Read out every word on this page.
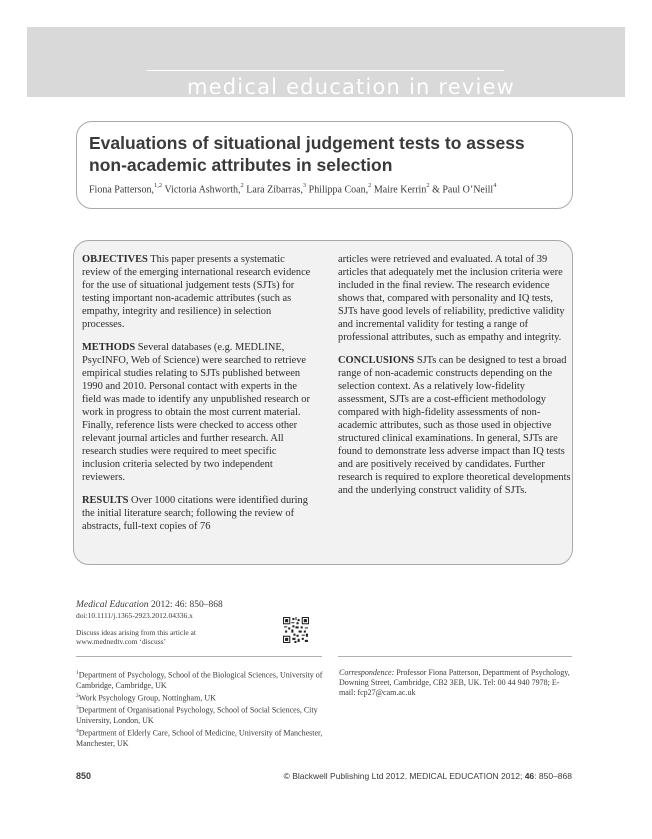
medical education in review
Evaluations of situational judgement tests to assess non-academic attributes in selection
Fiona Patterson,$^{1,2}$ Victoria Ashworth,$^2$ Lara Zibarras,$^3$ Philippa Coan,$^2$ Maire Kerrin$^2$ & Paul O’Neill$^4$

OBJECTIVES This paper presents a systematic review of the emerging international research evidence for the use of situational judgement tests (SJTs) for testing important non-academic attributes (such as empathy, integrity and resilience) in selection processes.

METHODS Several databases (e.g. MEDLINE, PsycINFO, Web of Science) were searched to retrieve empirical studies relating to SJTs published between 1990 and 2010. Personal contact with experts in the field was made to identify any unpublished research or work in progress to obtain the most current material. Finally, reference lists were checked to access other relevant journal articles and further research. All research studies were required to meet specific inclusion criteria selected by two independent reviewers.

RESULTS Over 1000 citations were identified during the initial literature search; following the review of abstracts, full-text copies of 76

articles were retrieved and evaluated. A total of 39 articles that adequately met the inclusion criteria were included in the final review. The research evidence shows that, compared with personality and IQ tests, SJTs have good levels of reliability, predictive validity and incremental validity for testing a range of professional attributes, such as empathy and integrity.

CONCLUSIONS SJTs can be designed to test a broad range of non-academic constructs depending on the selection context. As a relatively low-fidelity assessment, SJTs are a cost-efficient methodology compared with high-fidelity assessments of non-academic attributes, such as those used in objective structured clinical examinations. In general, SJTs are found to demonstrate less adverse impact than IQ tests and are positively received by candidates. Further research is required to explore theoretical developments and the underlying construct validity of SJTs.

Medical Education 2012: 46: 850–868
doi:10.1111/j.1365-2923.2012.04336.x
Discuss ideas arising from this article at
www.mednedtv.com ‘discuss’
$^1$Department of Psychology, School of the Biological Sciences, University of Cambridge, Cambridge, UK
$^2$Work Psychology Group, Nottingham, UK
$^3$Department of Organisational Psychology, School of Social Sciences, City University, London, UK
$^4$Department of Elderly Care, School of Medicine, University of Manchester, Manchester, UK
Correspondence: Professor Fiona Patterson, Department of Psychology, Downing Street, Cambridge, CB2 3EB, UK. Tel: 00 44 940 7978; E-mail: fcp27@cam.ac.uk
850	© Blackwell Publishing Ltd 2012. MEDICAL EDUCATION 2012; 46: 850–868
